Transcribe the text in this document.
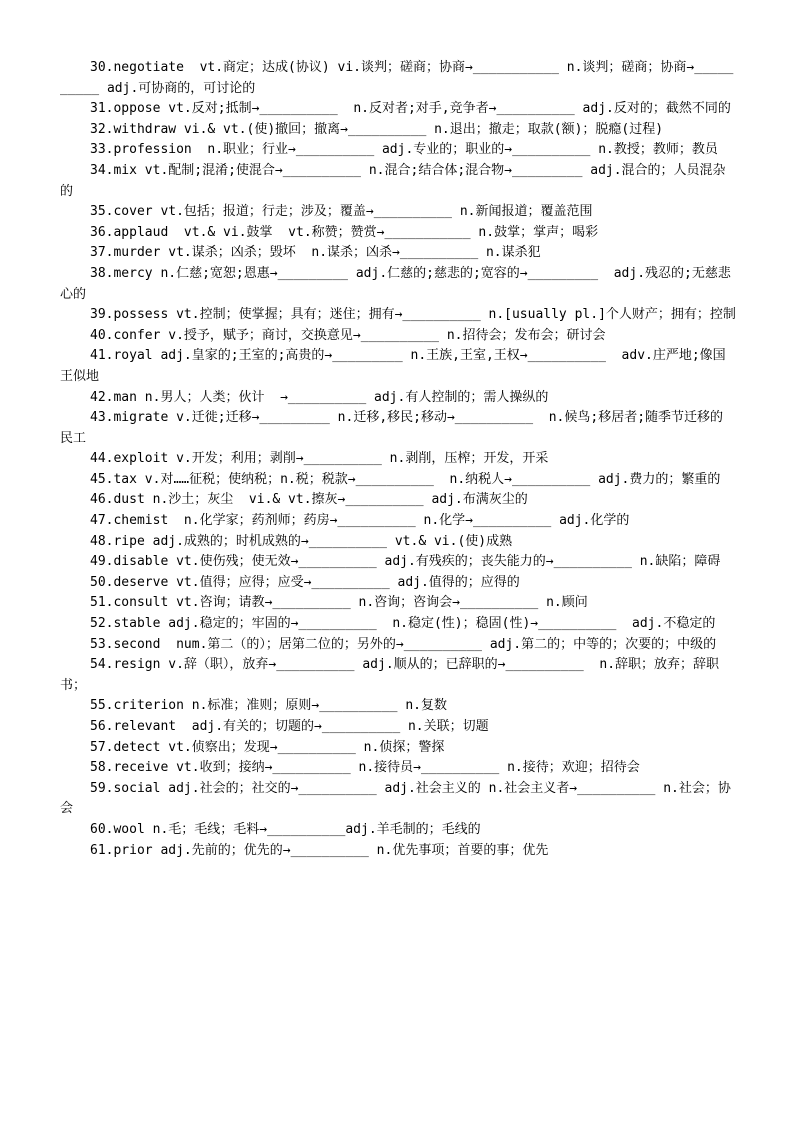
30.negotiate  vt.商定；达成(协议) vi.谈判；磋商；协商→___________ n.谈判；磋商；协商→__________ adj.可协商的，可讨论的

31.oppose vt.反对;抵制→__________  n.反对者;对手,竞争者→__________ adj.反对的；截然不同的

32.withdraw vi.& vt.(使)撤回；撤离→__________ n.退出；撤走；取款(额)；脱瘾(过程)

33.profession  n.职业；行业→__________ adj.专业的；职业的→__________ n.教授；教师；教员

34.mix vt.配制;混淆;使混合→__________ n.混合;结合体;混合物→_________ adj.混合的；人员混杂的

35.cover vt.包括；报道；行走；涉及；覆盖→__________ n.新闻报道；覆盖范围

36.applaud  vt.& vi.鼓掌  vt.称赞；赞赏→___________ n.鼓掌；掌声；喝彩

37.murder vt.谋杀；凶杀；毁坏  n.谋杀；凶杀→__________ n.谋杀犯

38.mercy n.仁慈;宽恕;恩惠→_________ adj.仁慈的;慈悲的;宽容的→_________  adj.残忍的;无慈悲心的

39.possess vt.控制；使掌握；具有；迷住；拥有→__________ n.[usually pl.]个人财产；拥有；控制

40.confer v.授予，赋予；商讨，交换意见→__________ n.招待会；发布会；研讨会

41.royal adj.皇家的;王室的;高贵的→_________ n.王族,王室,王权→__________  adv.庄严地;像国王似地

42.man n.男人；人类；伙计  →__________ adj.有人控制的；需人操纵的

43.migrate v.迁徙;迁移→_________ n.迁移,移民;移动→__________  n.候鸟;移居者;随季节迁移的民工

44.exploit v.开发；利用；剥削→__________ n.剥削，压榨；开发，开采

45.tax v.对……征税；使纳税；n.税；税款→__________  n.纳税人→__________ adj.费力的；繁重的

46.dust n.沙土；灰尘  vi.& vt.擦灰→__________ adj.布满灰尘的

47.chemist  n.化学家；药剂师；药房→__________ n.化学→__________ adj.化学的

48.ripe adj.成熟的；时机成熟的→__________ vt.& vi.(使)成熟

49.disable vt.使伤残；使无效→__________ adj.有残疾的；丧失能力的→__________ n.缺陷；障碍

50.deserve vt.值得；应得；应受→__________ adj.值得的；应得的

51.consult vt.咨询；请教→__________ n.咨询；咨询会→__________ n.顾问

52.stable adj.稳定的；牢固的→__________  n.稳定(性)；稳固(性)→__________  adj.不稳定的

53.second  num.第二（的）；居第二位的；另外的→__________ adj.第二的；中等的；次要的；中级的

54.resign v.辞（职），放弃→__________ adj.顺从的；已辞职的→__________  n.辞职；放弃；辞职书；

55.criterion n.标准；准则；原则→__________ n.复数

56.relevant  adj.有关的；切题的→__________ n.关联；切题

57.detect vt.侦察出；发现→__________ n.侦探；警探

58.receive vt.收到；接纳→__________ n.接待员→__________ n.接待；欢迎；招待会

59.social adj.社会的；社交的→__________ adj.社会主义的 n.社会主义者→__________ n.社会；协会

60.wool n.毛；毛线；毛料→__________adj.羊毛制的；毛线的

61.prior adj.先前的；优先的→__________ n.优先事项；首要的事；优先
